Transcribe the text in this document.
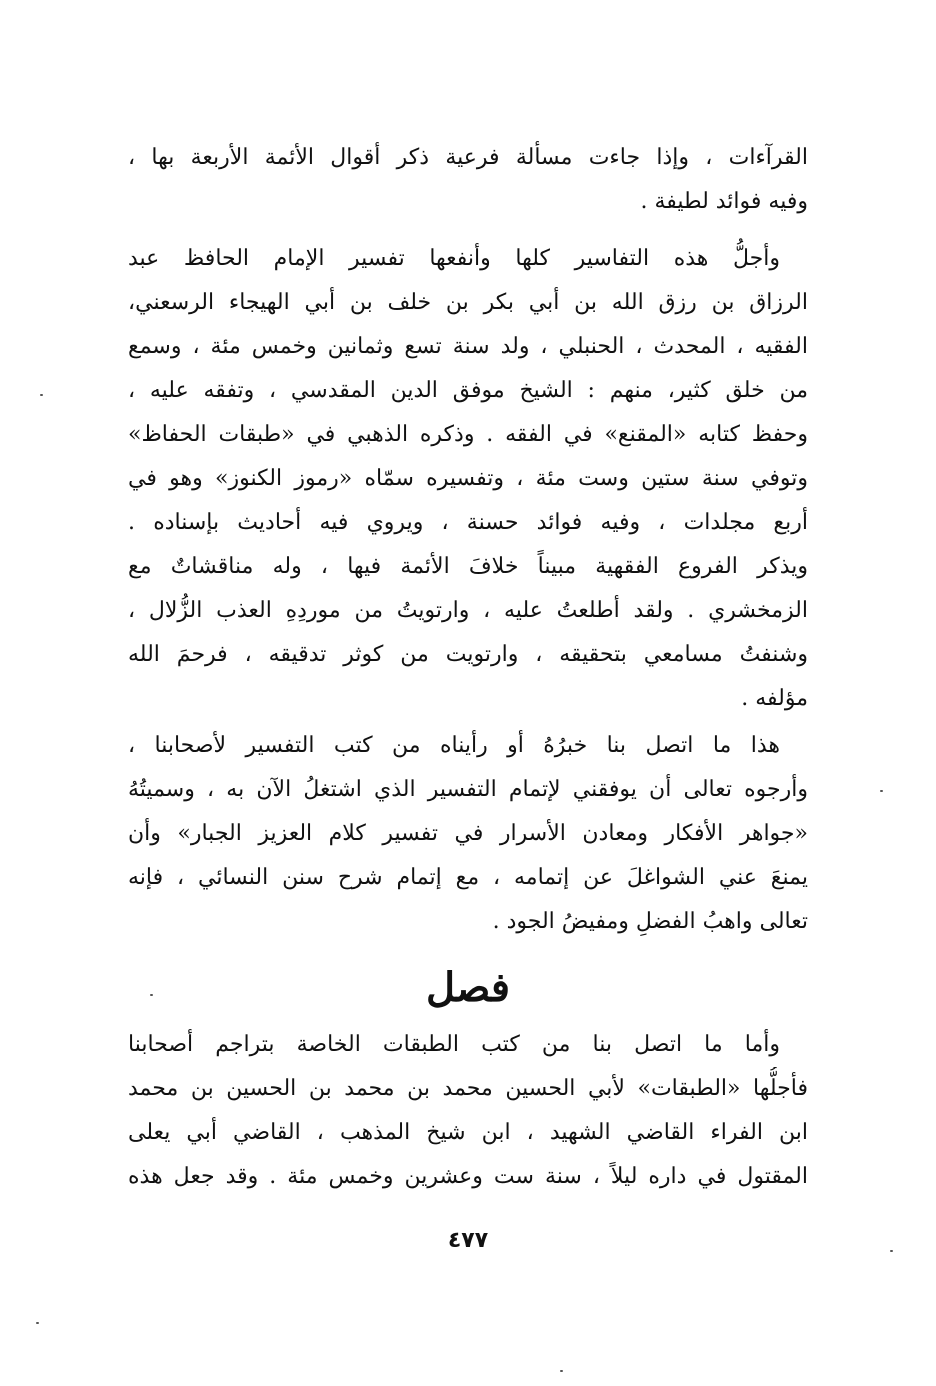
القرآءات ، وإذا جاءت مسألة فرعية ذكر أقوال الأئمة الأربعة بها ،
وفيه فوائد لطيفة .
وأجلُّ هذه التفاسير كلها وأنفعها تفسير الإمام الحافظ عبد
الرزاق بن رزق الله بن أبي بكر بن خلف بن أبي الهيجاء الرسعني،
الفقيه ، المحدث ، الحنبلي ، ولد سنة تسع وثمانين وخمس مئة ، وسمع
من خلق كثير، منهم : الشيخ موفق الدين المقدسي ، وتفقه عليه ،
وحفظ كتابه «المقنع» في الفقه . وذكره الذهبي في «طبقات الحفاظ»
وتوفي سنة ستين وست مئة ، وتفسيره سمّاه «رموز الكنوز» وهو في
أربع مجلدات ، وفيه فوائد حسنة ، ويروي فيه أحاديث بإسناده .
ويذكر الفروع الفقهية مبيناً خلافَ الأئمة فيها ، وله مناقشاتٌ مع
الزمخشري . ولقد أطلعتُ عليه ، وارتويتُ من موردِهِ العذب الزُّلال ،
وشنفتُ مسامعي بتحقيقه ، وارتويت من كوثر تدقيقه ، فرحمَ الله
مؤلفه .
هذا ما اتصل بنا خبرُهُ أو رأيناه من كتب التفسير لأصحابنا ،
وأرجوه تعالى أن يوفقني لإتمام التفسير الذي اشتغلُ الآن به ، وسميتُهُ
«جواهر الأفكار ومعادن الأسرار في تفسير كلام العزيز الجبار» وأن
يمنعَ عني الشواغلَ عن إتمامه ، مع إتمام شرح سنن النسائي ، فإنه
تعالى واهبُ الفضلِ ومفيضُ الجود .
فصل
وأما ما اتصل بنا من كتب الطبقات الخاصة بتراجم أصحابنا
فأجلُّها «الطبقات» لأبي الحسين محمد بن محمد بن الحسين بن محمد
ابن الفراء القاضي الشهيد ، ابن شيخ المذهب ، القاضي أبي يعلى
المقتول في داره ليلاً ، سنة ست وعشرين وخمس مئة . وقد جعل هذه
٤٧٧
